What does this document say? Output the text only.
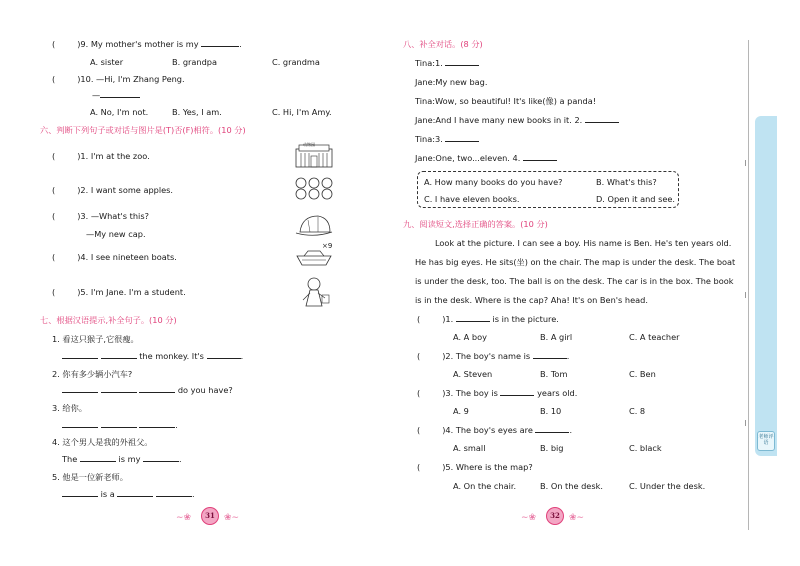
(	)9. My mother's mother is my	.
A. sister	B. grandpa	C. grandma
(	)10. —Hi, I'm Zhang Peng.
—
A. No, I'm not.	B. Yes, I am.	C. Hi, I'm Amy.
六、判断下列句子或对话与图片是(T)否(F)相符。(10 分)
(	)1. I'm at the zoo.
(	)2. I want some apples.
(	)3. —What's this?
—My new cap.
(	)4. I see nineteen boats.
(	)5. I'm Jane. I'm a student.
动物园
×9
七、根据汉语提示,补全句子。(10 分)
1. 看这只猴子,它很瘦。
the monkey. It's	.
2. 你有多少辆小汽车?
do you have?
3. 给你。
.
4. 这个男人是我的外祖父。
The	is my	.
5. 他是一位新老师。
is a	.
∼❀	31	❀∼
八、补全对话。(8 分)
Tina:1.
Jane:My new bag.
Tina:Wow, so beautiful! It's like(像) a panda!
Jane:And I have many new books in it. 2.
Tina:3.
Jane:One, two...eleven. 4.
A. How many books do you have?	B. What's this?
C. I have eleven books.	D. Open it and see.
九、阅读短文,选择正确的答案。(10 分)
Look at the picture. I can see a boy. His name is Ben. He's ten years old.
He has big eyes. He sits(坐) on the chair. The map is under the desk. The boat
is under the desk, too. The ball is on the desk. The car is in the box. The book
is in the desk. Where is the cap? Aha! It's on Ben's head.
(	)1.	is in the picture.
A. A boy	B. A girl	C. A teacher
(	)2. The boy's name is	.
A. Steven	B. Tom	C. Ben
(	)3. The boy is	years old.
A. 9	B. 10	C. 8
(	)4. The boy's eyes are	.
A. small	B. big	C. black
(	)5. Where is the map?
A. On the chair.	B. On the desk.	C. Under the desk.
∼❀	32	❀∼
老师评语
